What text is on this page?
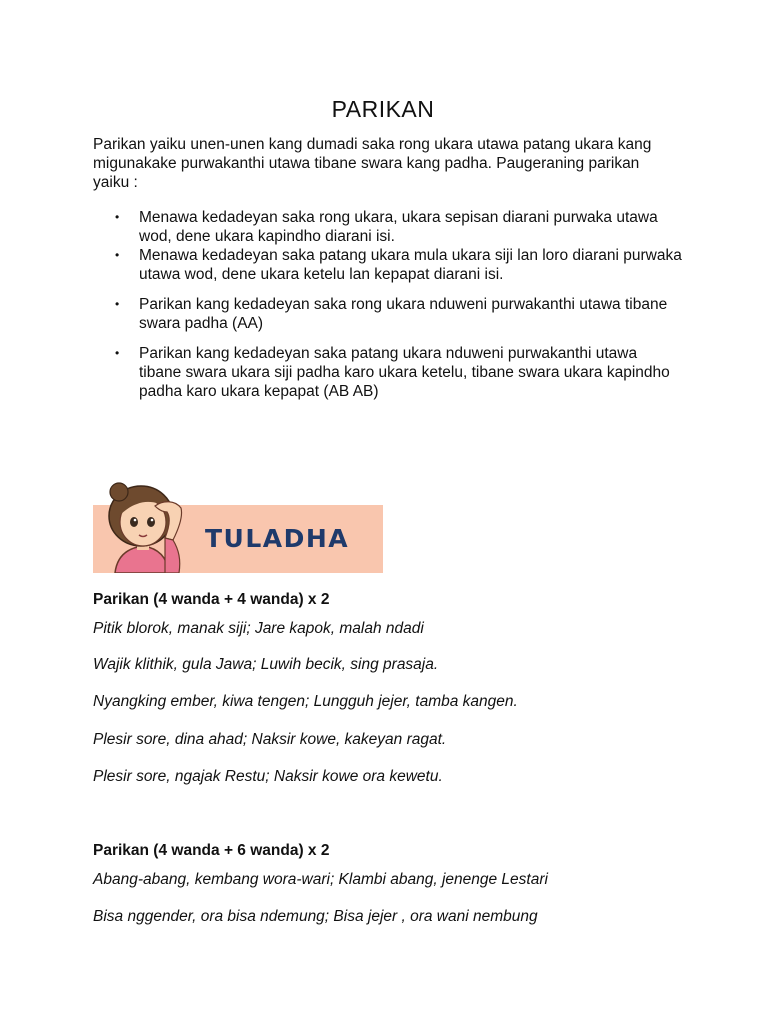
PARIKAN

Parikan yaiku unen-unen kang dumadi saka rong ukara utawa patang ukara kang migunakake purwakanthi utawa tibane swara kang padha. Paugeraning parikan yaiku :

• Menawa kedadeyan saka rong ukara, ukara sepisan diarani purwaka utawa wod, dene ukara kapindho diarani isi.
• Menawa kedadeyan saka patang ukara mula ukara siji lan loro diarani purwaka utawa wod, dene ukara ketelu lan kepapat diarani isi.
• Parikan kang kedadeyan saka rong ukara nduweni purwakanthi utawa tibane swara padha (AA)
• Parikan kang kedadeyan saka patang ukara nduweni purwakanthi utawa tibane swara ukara siji padha karo ukara ketelu, tibane swara ukara kapindho padha karo ukara kepapat (AB AB)
TULADHA

Parikan (4 wanda + 4 wanda) x 2

Pitik blorok, manak siji; Jare kapok, malah ndadi

Wajik klithik, gula Jawa; Luwih becik, sing prasaja.

Nyangking ember, kiwa tengen; Lungguh jejer, tamba kangen.

Plesir sore, dina ahad; Naksir kowe, kakeyan ragat.

Plesir sore, ngajak Restu; Naksir kowe ora kewetu.

Parikan (4 wanda + 6 wanda) x 2

Abang-abang, kembang wora-wari; Klambi abang, jenenge Lestari

Bisa nggender, ora bisa ndemung; Bisa jejer , ora wani nembung
